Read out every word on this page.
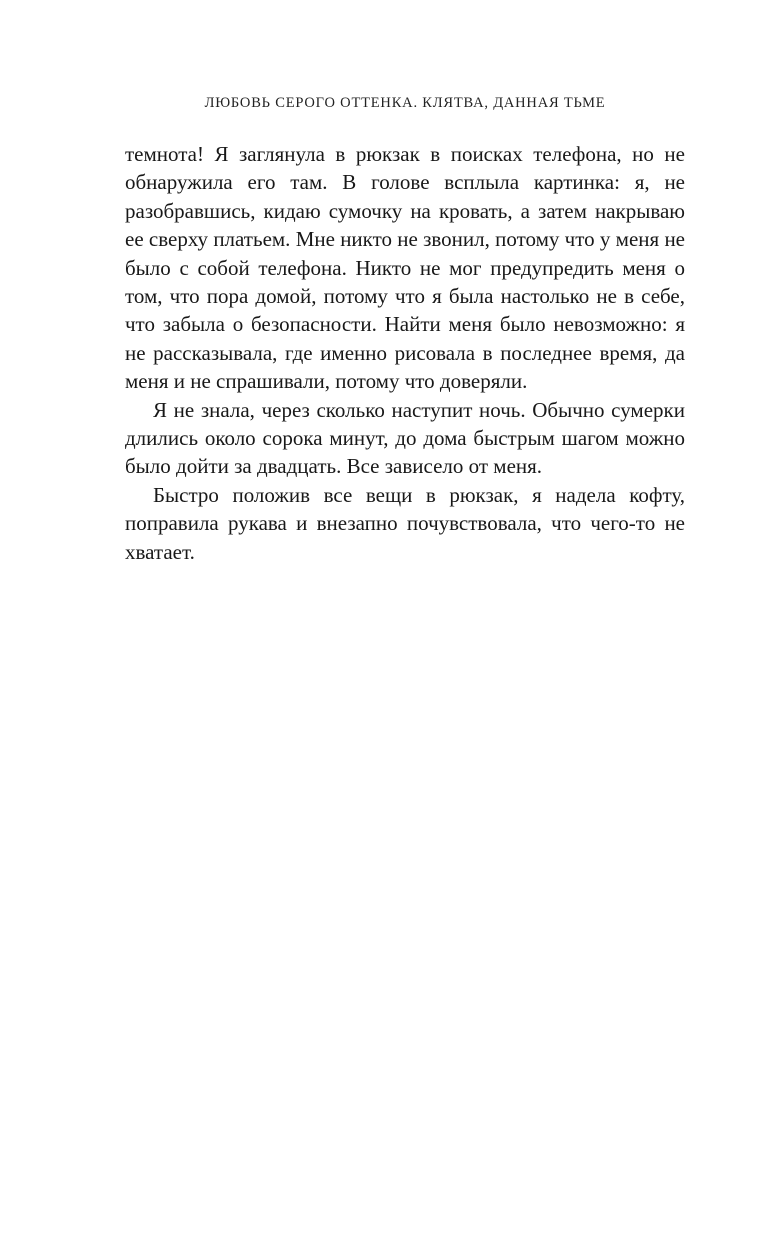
ЛЮБОВЬ СЕРОГО ОТТЕНКА. КЛЯТВА, ДАННАЯ ТЬМЕ

темнота! Я заглянула в рюкзак в поисках телефона, но не обнаружила его там. В голове всплыла картинка: я, не разобравшись, кидаю сумочку на кровать, а затем накрываю ее сверху платьем. Мне никто не звонил, потому что у меня не было с собой телефона. Никто не мог предупредить меня о том, что пора домой, потому что я была настолько не в себе, что забыла о безопасности. Найти меня было невозможно: я не рассказывала, где именно рисовала в последнее время, да меня и не спрашивали, потому что доверяли.

Я не знала, через сколько наступит ночь. Обычно сумерки длились около сорока минут, до дома быстрым шагом можно было дойти за двадцать. Все зависело от меня.

Быстро положив все вещи в рюкзак, я надела кофту, поправила рукава и внезапно почувствовала, что чего-то не хватает.
